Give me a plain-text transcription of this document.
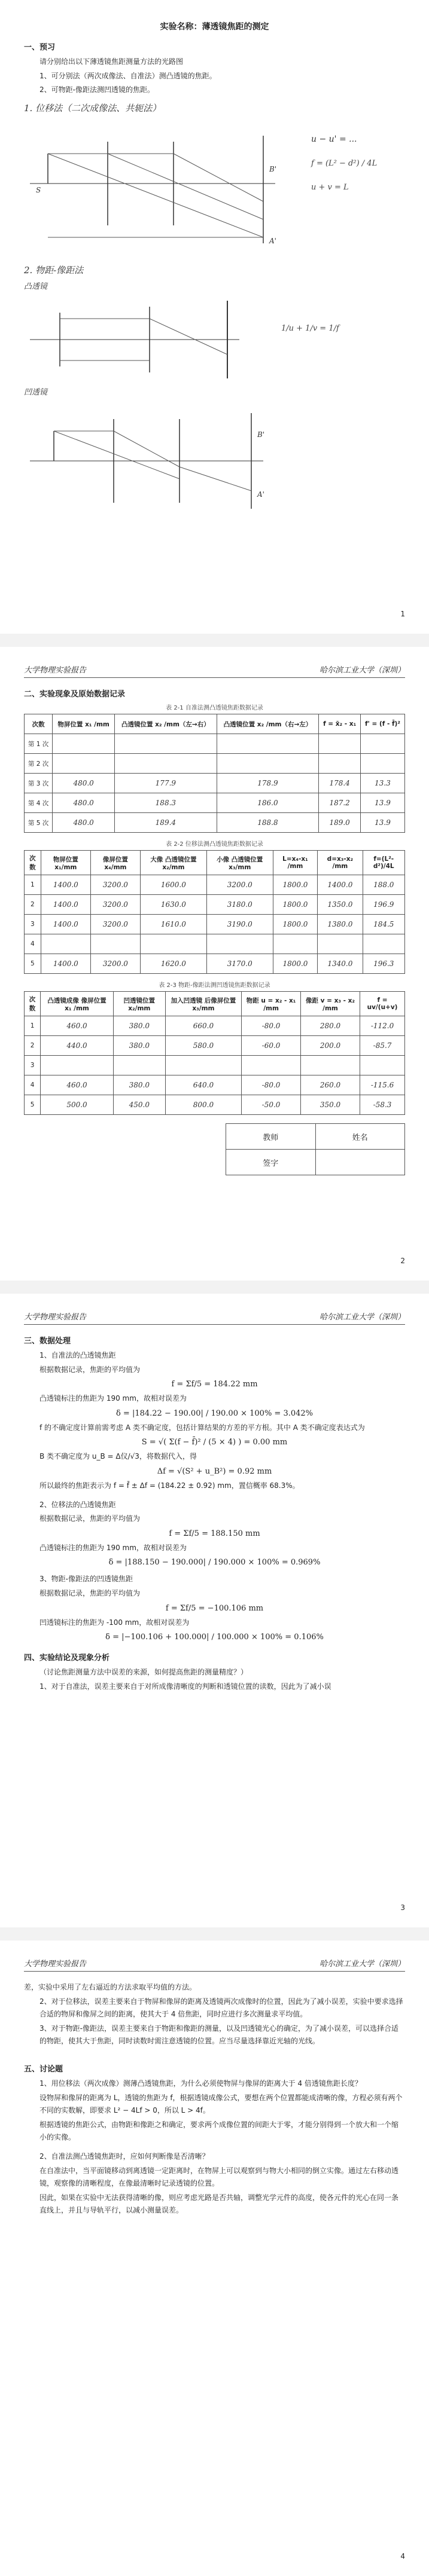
实验名称：薄透镜焦距的测定
一、预习
请分别给出以下薄透镜焦距测量方法的光路图
1、可分别法（两次成像法、自准法）测凸透镜的焦距。
2、可物距-像距法测凹透镜的焦距。
1. 位移法（二次成像法、共轭法）
A'
B'
S
u − u' = ...
f = (L² − d²) / 4L
u + v = L
2. 物距-像距法
凸透镜
1/u + 1/v = 1/f
凹透镜
A'
B'
1
大学物理实验报告	哈尔滨工业大学（深圳）
二、实验现象及原始数据记录
表 2-1 自准法测凸透镜焦距数据记录
次数	物屏位置 x₁ /mm	凸透镜位置 x₂ /mm（左→右）	凸透镜位置 x₂ /mm（右→左）	f = x̄₂ - x₁	f' = (f - f̄)²
第 1 次					
第 2 次					
第 3 次	480.0	177.9	178.9	178.4	13.3
第 4 次	480.0	188.3	186.0	187.2	13.9
第 5 次	480.0	189.4	188.8	189.0	13.9
表 2-2 位移法测凸透镜焦距数据记录
次数	物屏位置 x₁/mm	像屏位置 x₄/mm	大像 凸透镜位置 x₂/mm	小像 凸透镜位置 x₃/mm	L=x₄-x₁ /mm	d=x₃-x₂ /mm	f=(L²-d²)/4L
1	1400.0	3200.0	1600.0	3200.0	1800.0	1400.0	188.0
2	1400.0	3200.0	1630.0	3180.0	1800.0	1350.0	196.9
3	1400.0	3200.0	1610.0	3190.0	1800.0	1380.0	184.5
4							
5	1400.0	3200.0	1620.0	3170.0	1800.0	1340.0	196.3
表 2-3 物距-像距法测凹透镜焦距数据记录
次数	凸透镜成像 像屏位置 x₁ /mm	凹透镜位置 x₂/mm	加入凹透镜 后像屏位置 x₃/mm	物距 u = x₂ - x₁ /mm	像距 v = x₃ - x₂ /mm	f = uv/(u+v)
1	460.0	380.0	660.0	-80.0	280.0	-112.0
2	440.0	380.0	580.0	-60.0	200.0	-85.7
3						
4	460.0	380.0	640.0	-80.0	260.0	-115.6
5	500.0	450.0	800.0	-50.0	350.0	-58.3
教师	姓名
签字	
2
大学物理实验报告	哈尔滨工业大学（深圳）
三、数据处理
1、自准法的凸透镜焦距
根据数据记录，焦距的平均值为
f = Σf/5 = 184.22 mm
凸透镜标注的焦距为 190 mm，故相对误差为
δ = |184.22 − 190.00| / 190.00 × 100% = 3.042%
f 的不确定度计算前需考虑 A 类不确定度，包括计算结果的方差的平方根。其中 A 类不确定度表达式为
S = √( Σ(f − f̄)² / (5 × 4) ) = 0.00 mm
B 类不确定度为 u_B = Δ仪/√3，将数据代入，得
Δf = √(S² + u_B²) = 0.92 mm
所以最终的焦距表示为 f = f̄ ± Δf = (184.22 ± 0.92) mm，置信概率 68.3%。
2、位移法的凸透镜焦距
根据数据记录，焦距的平均值为
f = Σf/5 = 188.150 mm
凸透镜标注的焦距为 190 mm，故相对误差为
δ = |188.150 − 190.000| / 190.000 × 100% = 0.969%
3、物距-像距法的凹透镜焦距
根据数据记录，焦距的平均值为
f = Σf/5 = −100.106 mm
凹透镜标注的焦距为 -100 mm，故相对误差为
δ = |−100.106 + 100.000| / 100.000 × 100% = 0.106%
四、实验结论及现象分析
（讨论焦距测量方法中误差的来源，如何提高焦距的测量精度？）
1、对于自准法，误差主要来自于对所成像清晰度的判断和透镜位置的读数，因此为了减小误
3
大学物理实验报告	哈尔滨工业大学（深圳）
差，实验中采用了左右逼近的方法求取平均值的方法。
2、对于位移法，误差主要来自于物屏和像屏的距离及透镜两次成像时的位置，因此为了减小误差，实验中要求选择合适的物屏和像屏之间的距离，使其大于 4 倍焦距，同时应进行多次测量求平均值。
3、对于物距-像距法，误差主要来自于物距和像距的测量，以及凹透镜光心的确定，为了减小误差，可以选择合适的物距，使其大于焦距，同时读数时需注意透镜的位置。应当尽量选择靠近光轴的光线。
五、讨论题
1、用位移法（两次成像）测薄凸透镜焦距，为什么必须使物屏与像屏的距离大于 4 倍透镜焦距长度？
设物屏和像屏的距离为 L，透镜的焦距为 f，根据透镜成像公式，要想在两个位置都能成清晰的像，方程必须有两个不同的实数解，即要求 L² − 4Lf > 0，所以 L > 4f。
根据透镜的焦距公式，由物距和像距之和确定，要求两个成像位置的间距大于零，才能分别得到一个放大和一个缩小的实像。
2、自准法测凸透镜焦距时，应如何判断像是否清晰？
在自准法中，当平面镜移动到离透镜一定距离时，在物屏上可以观察到与物大小相同的倒立实像。通过左右移动透镜，观察像的清晰程度，在像最清晰时记录透镜的位置。
因此，如果在实验中无法获得清晰的像，则应考虑光路是否共轴，调整光学元件的高度，使各元件的光心在同一条直线上，并且与导轨平行，以减小测量误差。
4
